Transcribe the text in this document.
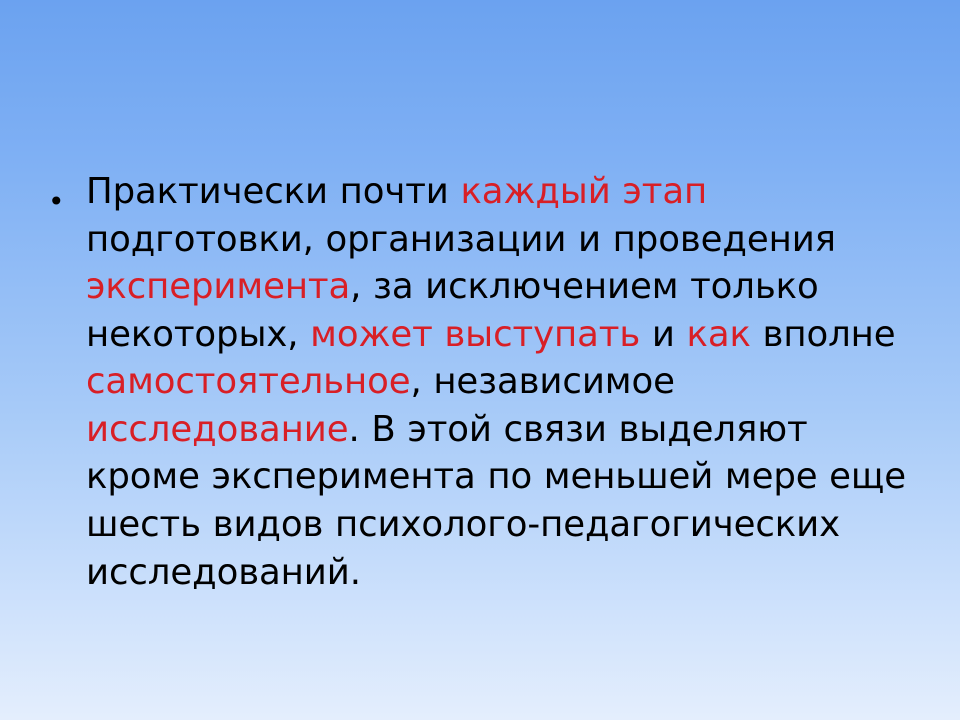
• Практически почти каждый этап подготовки, организации и проведения эксперимента, за исключением только некоторых, может выступать и как вполне самостоятельное, независимое исследование. В этой связи выделяют кроме эксперимента по меньшей мере еще шесть видов психолого-педагогических исследований.
